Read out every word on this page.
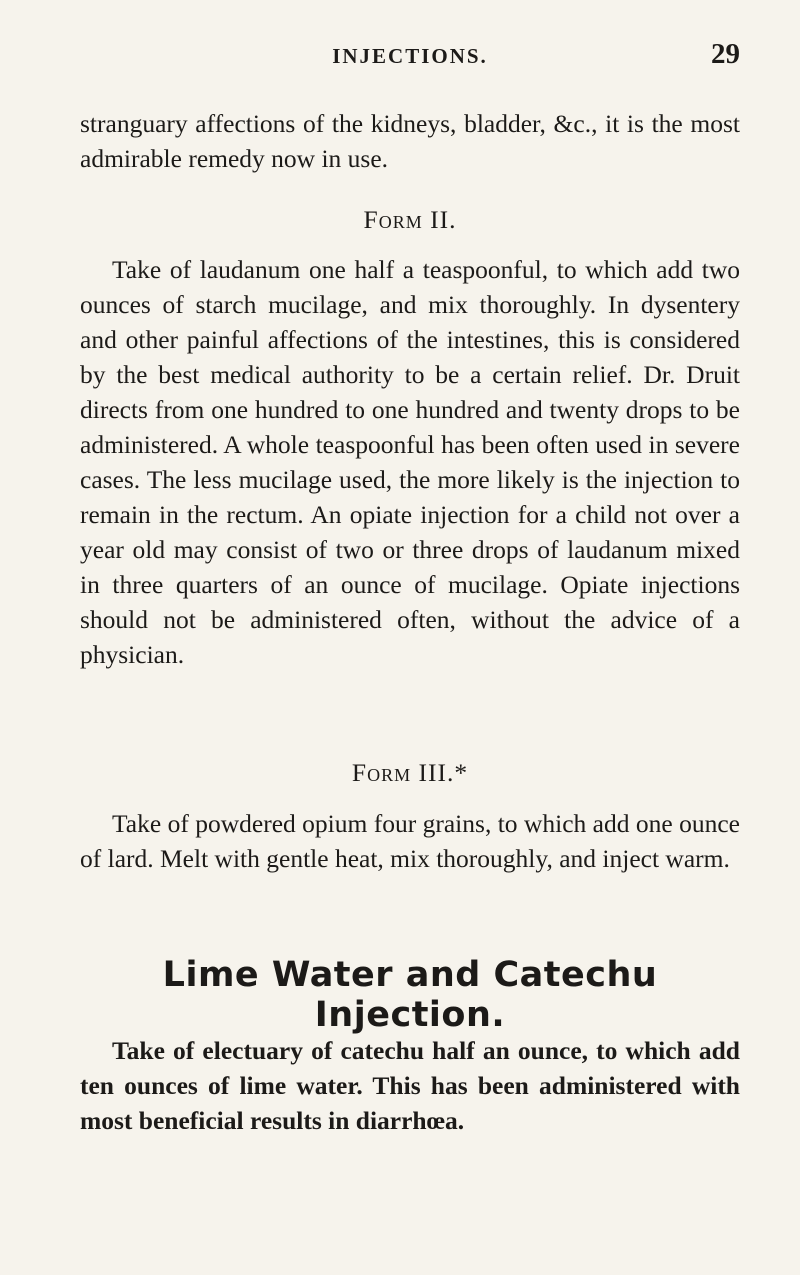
INJECTIONS.	29

stranguary affections of the kidneys, bladder, &c., it is the most admirable remedy now in use.

Form II.

Take of laudanum one half a teaspoonful, to which add two ounces of starch mucilage, and mix thoroughly. In dysentery and other painful affections of the intestines, this is considered by the best medical authority to be a certain relief. Dr. Druit directs from one hundred to one hundred and twenty drops to be administered. A whole teaspoonful has been often used in severe cases. The less mucilage used, the more likely is the injection to remain in the rectum. An opiate injection for a child not over a year old may consist of two or three drops of laudanum mixed in three quarters of an ounce of mucilage. Opiate injections should not be administered often, without the advice of a physician.

Form III.*

Take of powdered opium four grains, to which add one ounce of lard. Melt with gentle heat, mix thoroughly, and inject warm.

Lime Water and Catechu Injection.

Take of electuary of catechu half an ounce, to which add ten ounces of lime water. This has been administered with most beneficial results in diarrhœa.
